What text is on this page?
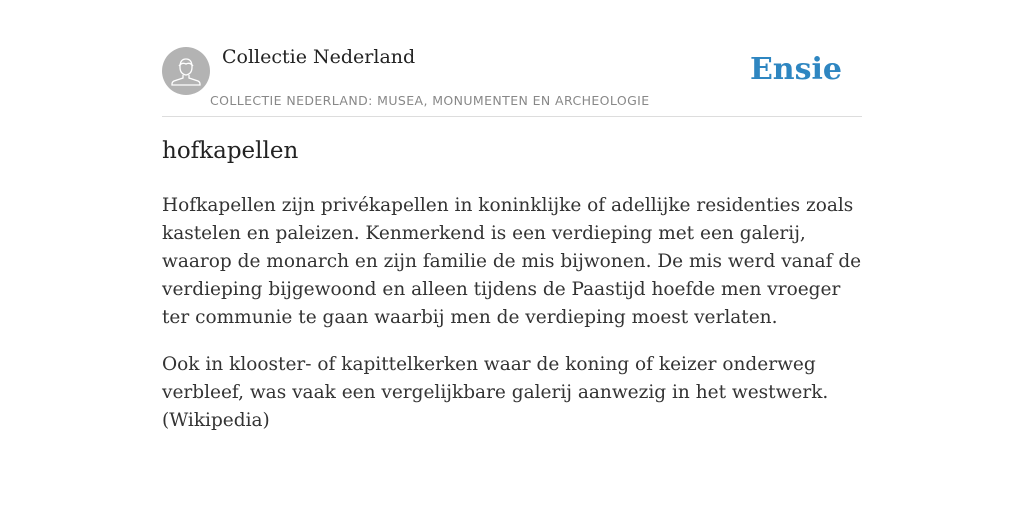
Collectie Nederland
COLLECTIE NEDERLAND: MUSEA, MONUMENTEN EN ARCHEOLOGIE
Ensie
hofkapellen

Hofkapellen zijn privékapellen in koninklijke of adellijke residenties zoals kastelen en paleizen. Kenmerkend is een verdieping met een galerij, waarop de monarch en zijn familie de mis bijwonen. De mis werd vanaf de verdieping bijgewoond en alleen tijdens de Paastijd hoefde men vroeger ter communie te gaan waarbij men de verdieping moest verlaten.

Ook in klooster- of kapittelkerken waar de koning of keizer onderweg verbleef, was vaak een vergelijkbare galerij aanwezig in het westwerk. (Wikipedia)
